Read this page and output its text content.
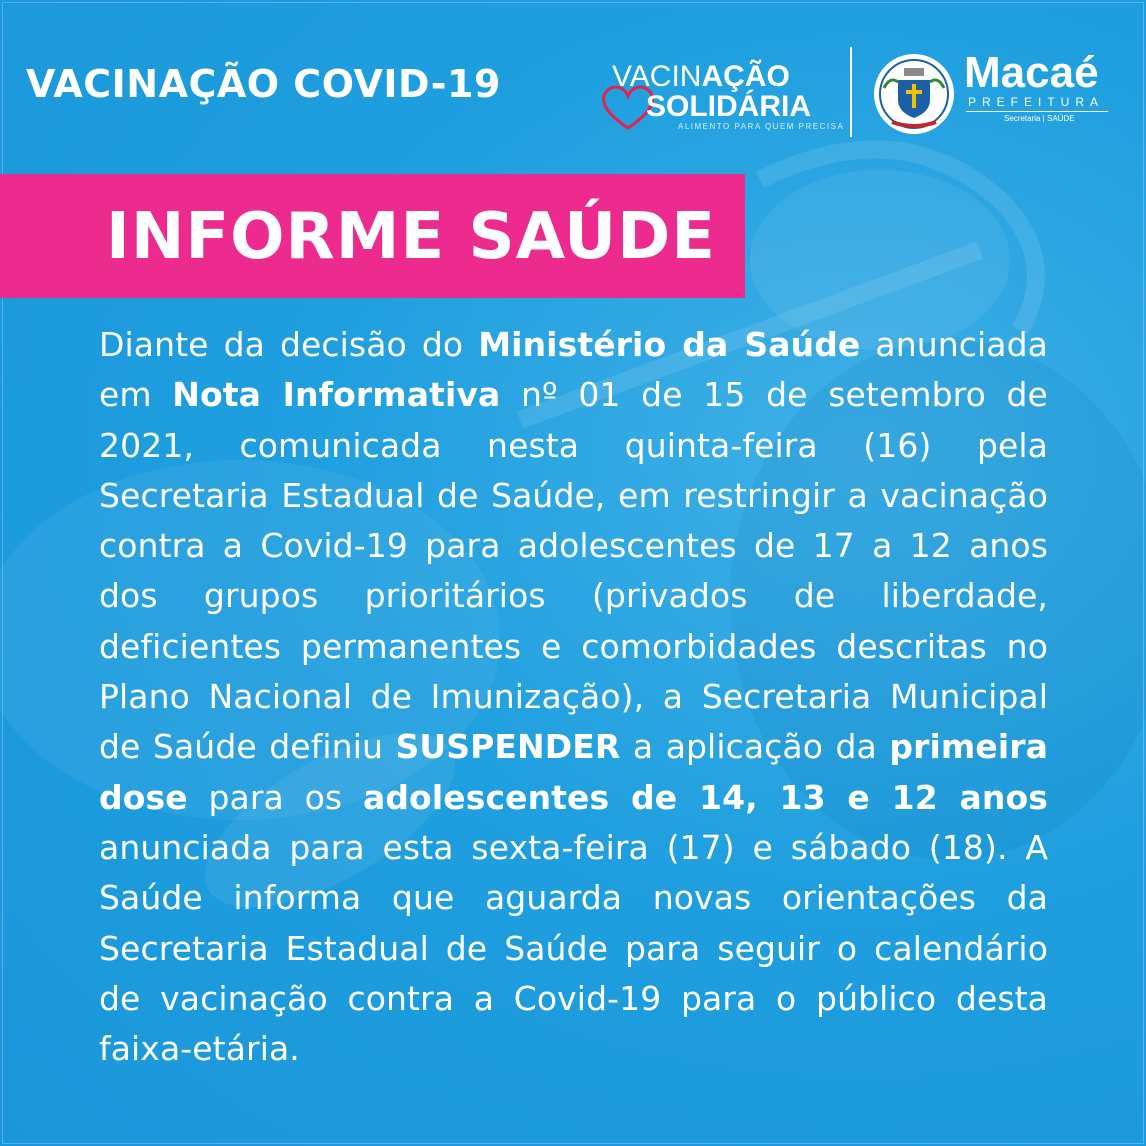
VACINAÇÃO COVID-19	VACINAÇÃO
SOLIDÁRIA
ALIMENTO PARA QUEM PRECISA
Macaé
PREFEITURA
Secretaria | SAÚDE
INFORME SAÚDE
Diante da decisão do Ministério da Saúde anunciada em Nota Informativa nº 01 de 15 de setembro de 2021, comunicada nesta quinta-feira (16) pela Secretaria Estadual de Saúde, em restringir a vacinação contra a Covid-19 para adolescentes de 17 a 12 anos dos grupos prioritários (privados de liberdade, deficientes permanentes e comorbidades descritas no Plano Nacional de Imunização), a Secretaria Municipal de Saúde definiu SUSPENDER a aplicação da primeira dose para os adolescentes de 14, 13 e 12 anos anunciada para esta sexta-feira (17) e sábado (18). A Saúde informa que aguarda novas orientações da Secretaria Estadual de Saúde para seguir o calendário de vacinação contra a Covid-19 para o público desta faixa-etária.
